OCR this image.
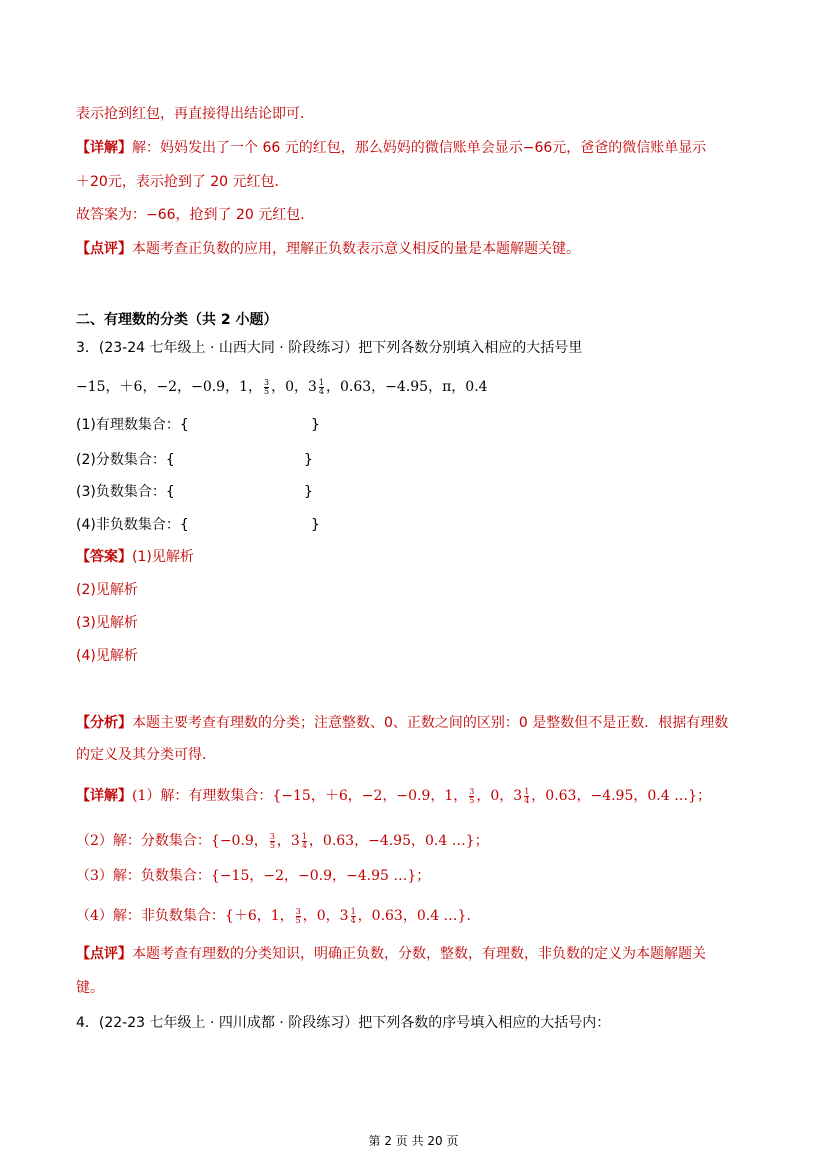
表示抢到红包，再直接得出结论即可．
【详解】解：妈妈发出了一个 66 元的红包，那么妈妈的微信账单会显示−66元，爸爸的微信账单显示
＋20元，表示抢到了 20 元红包．
故答案为：−66，抢到了 20 元红包．
【点评】本题考查正负数的应用，理解正负数表示意义相反的量是本题解题关键。
二、有理数的分类（共 2 小题）
3．(23-24 七年级上 · 山西大同 · 阶段练习）把下列各数分别填入相应的大括号里
−15，＋6，−2，−0.9，1， $\frac{3}{5}$ ，0，$3 \frac{1}{4}$ ，0.63，−4.95，π，0.4
(1)有理数集合：{	}
(2)分数集合：{	}
(3)负数集合：{	}
(4)非负数集合：{	}
【答案】(1)见解析
(2)见解析
(3)见解析
(4)见解析
【分析】本题主要考查有理数的分类；注意整数、0、正数之间的区别：0 是整数但不是正数．根据有理数
的定义及其分类可得．
【详解】(1）解：有理数集合：{−15，＋6，−2，−0.9，1， $\frac{3}{5}$ ，0，$3 \frac{1}{4}$ ，0.63，−4.95，0.4 …}；
（2）解：分数集合：{−0.9， $\frac{3}{5}$ ，$3 \frac{1}{4}$ ，0.63，−4.95，0.4 …}；
（3）解：负数集合：{−15，−2，−0.9，−4.95 …}；
（4）解：非负数集合：{＋6，1， $\frac{3}{5}$ ，0，$3 \frac{1}{4}$ ，0.63，0.4 …}．
【点评】本题考查有理数的分类知识，明确正负数，分数，整数，有理数，非负数的定义为本题解题关
键。
4．(22-23 七年级上 · 四川成都 · 阶段练习）把下列各数的序号填入相应的大括号内：
第 2 页 共 20 页
